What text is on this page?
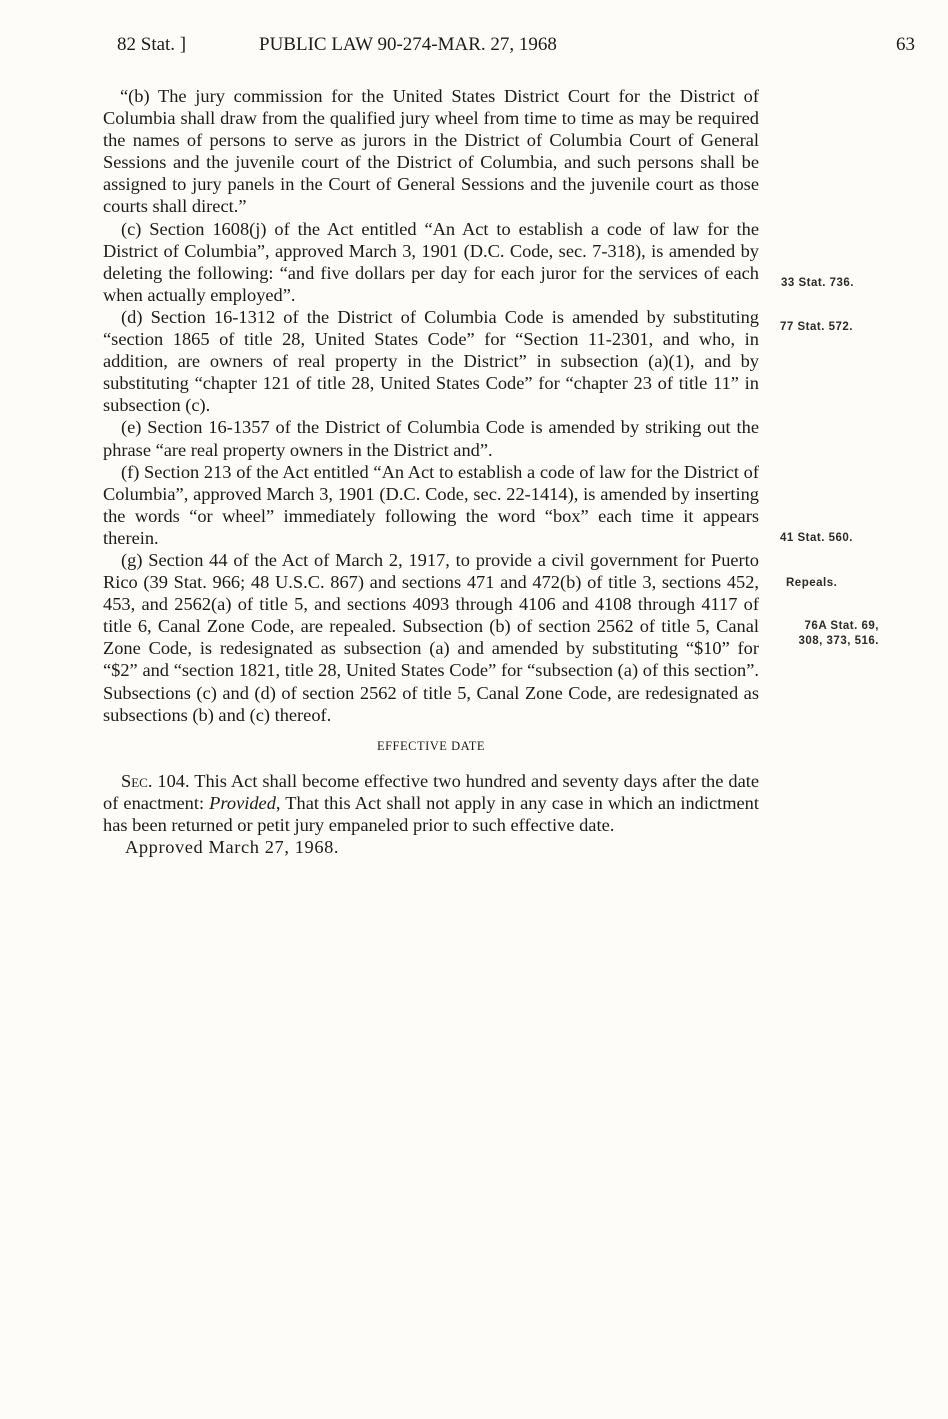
82 Stat. ]	PUBLIC LAW 90-274-MAR. 27, 1968	63

“(b) The jury commission for the United States District Court for the District of Columbia shall draw from the qualified jury wheel from time to time as may be required the names of persons to serve as jurors in the District of Columbia Court of General Sessions and the juvenile court of the District of Columbia, and such persons shall be assigned to jury panels in the Court of General Sessions and the juvenile court as those courts shall direct.”

(c) Section 1608(j) of the Act entitled “An Act to establish a code of law for the District of Columbia”, approved March 3, 1901 (D.C. Code, sec. 7-318), is amended by deleting the following: “and five dollars per day for each juror for the services of each when actually employed”.

(d) Section 16-1312 of the District of Columbia Code is amended by substituting “section 1865 of title 28, United States Code” for “Section 11-2301, and who, in addition, are owners of real property in the District” in subsection (a)(1), and by substituting “chapter 121 of title 28, United States Code” for “chapter 23 of title 11” in subsection (c).

(e) Section 16-1357 of the District of Columbia Code is amended by striking out the phrase “are real property owners in the District and”.

(f) Section 213 of the Act entitled “An Act to establish a code of law for the District of Columbia”, approved March 3, 1901 (D.C. Code, sec. 22-1414), is amended by inserting the words “or wheel” immediately following the word “box” each time it appears therein.

(g) Section 44 of the Act of March 2, 1917, to provide a civil government for Puerto Rico (39 Stat. 966; 48 U.S.C. 867) and sections 471 and 472(b) of title 3, sections 452, 453, and 2562(a) of title 5, and sections 4093 through 4106 and 4108 through 4117 of title 6, Canal Zone Code, are repealed. Subsection (b) of section 2562 of title 5, Canal Zone Code, is redesignated as subsection (a) and amended by substituting “$10” for “$2” and “section 1821, title 28, United States Code” for “subsection (a) of this section”. Subsections (c) and (d) of section 2562 of title 5, Canal Zone Code, are redesignated as subsections (b) and (c) thereof.

EFFECTIVE DATE

Sec. 104. This Act shall become effective two hundred and seventy days after the date of enactment: Provided, That this Act shall not apply in any case in which an indictment has been returned or petit jury empaneled prior to such effective date.

Approved March 27, 1968.

33 Stat. 736.
77 Stat. 572.
41 Stat. 560.
Repeals.
76A Stat. 69,
308, 373, 516.
